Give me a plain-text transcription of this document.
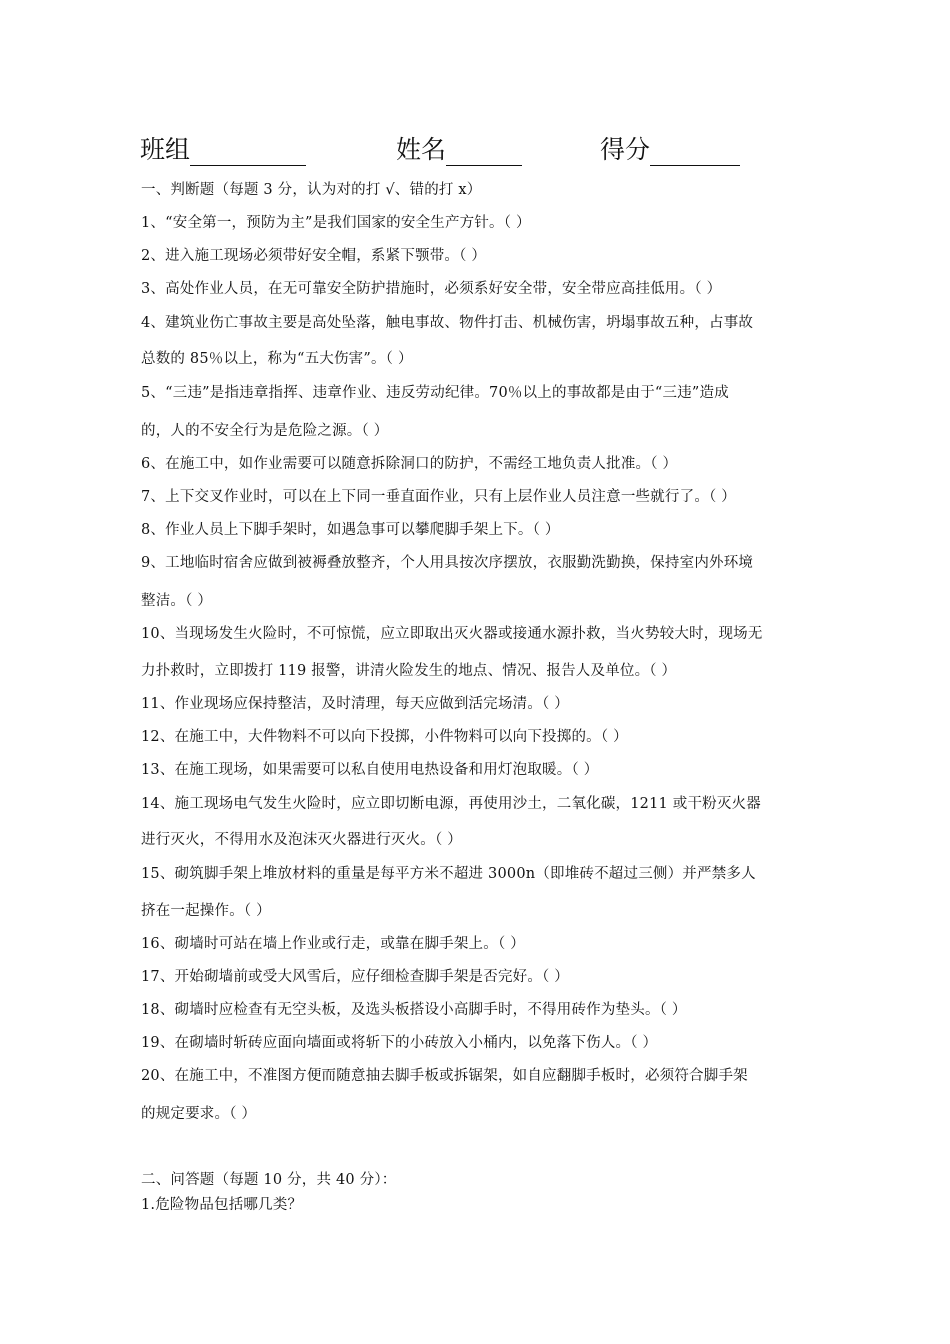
班组	姓名	得分
一、判断题（每题 3 分，认为对的打 √、错的打 x）
1、“安全第一，预防为主”是我们国家的安全生产方针。（ ）
2、进入施工现场必须带好安全帽，系紧下颚带。（ ）
3、高处作业人员，在无可靠安全防护措施时，必须系好安全带，安全带应高挂低用。（ ）
4、建筑业伤亡事故主要是高处坠落，触电事故、物件打击、机械伤害，坍塌事故五种，占事故
总数的 85％以上，称为“五大伤害”。（ ）
5、“三违”是指违章指挥、违章作业、违反劳动纪律。70％以上的事故都是由于“三违”造成
的，人的不安全行为是危险之源。（ ）
6、在施工中，如作业需要可以随意拆除洞口的防护，不需经工地负责人批准。（ ）
7、上下交叉作业时，可以在上下同一垂直面作业，只有上层作业人员注意一些就行了。（ ）
8、作业人员上下脚手架时，如遇急事可以攀爬脚手架上下。（ ）
9、工地临时宿舍应做到被褥叠放整齐，个人用具按次序摆放，衣服勤洗勤换，保持室内外环境
整洁。（ ）
10、当现场发生火险时，不可惊慌，应立即取出灭火器或接通水源扑救，当火势较大时，现场无
力扑救时，立即拨打 119 报警，讲清火险发生的地点、情况、报告人及单位。（ ）
11、作业现场应保持整洁，及时清理，每天应做到活完场清。（ ）
12、在施工中，大件物料不可以向下投掷，小件物料可以向下投掷的。（ ）
13、在施工现场，如果需要可以私自使用电热设备和用灯泡取暖。（ ）
14、施工现场电气发生火险时，应立即切断电源，再使用沙土，二氧化碳，1211 或干粉灭火器
进行灭火，不得用水及泡沫灭火器进行灭火。（ ）
15、砌筑脚手架上堆放材料的重量是每平方米不超进 3000n（即堆砖不超过三侧）并严禁多人
挤在一起操作。（ ）
16、砌墙时可站在墙上作业或行走，或靠在脚手架上。（ ）
17、开始砌墙前或受大风雪后，应仔细检查脚手架是否完好。（ ）
18、砌墙时应检查有无空头板，及选头板搭设小高脚手时，不得用砖作为垫头。（ ）
19、在砌墙时斩砖应面向墙面或将斩下的小砖放入小桶内，以免落下伤人。（ ）
20、在施工中，不准图方便而随意抽去脚手板或拆锯架，如自应翻脚手板时，必须符合脚手架
的规定要求。（ ）
二、问答题（每题 10 分，共 40 分）：
1.危险物品包括哪几类？
